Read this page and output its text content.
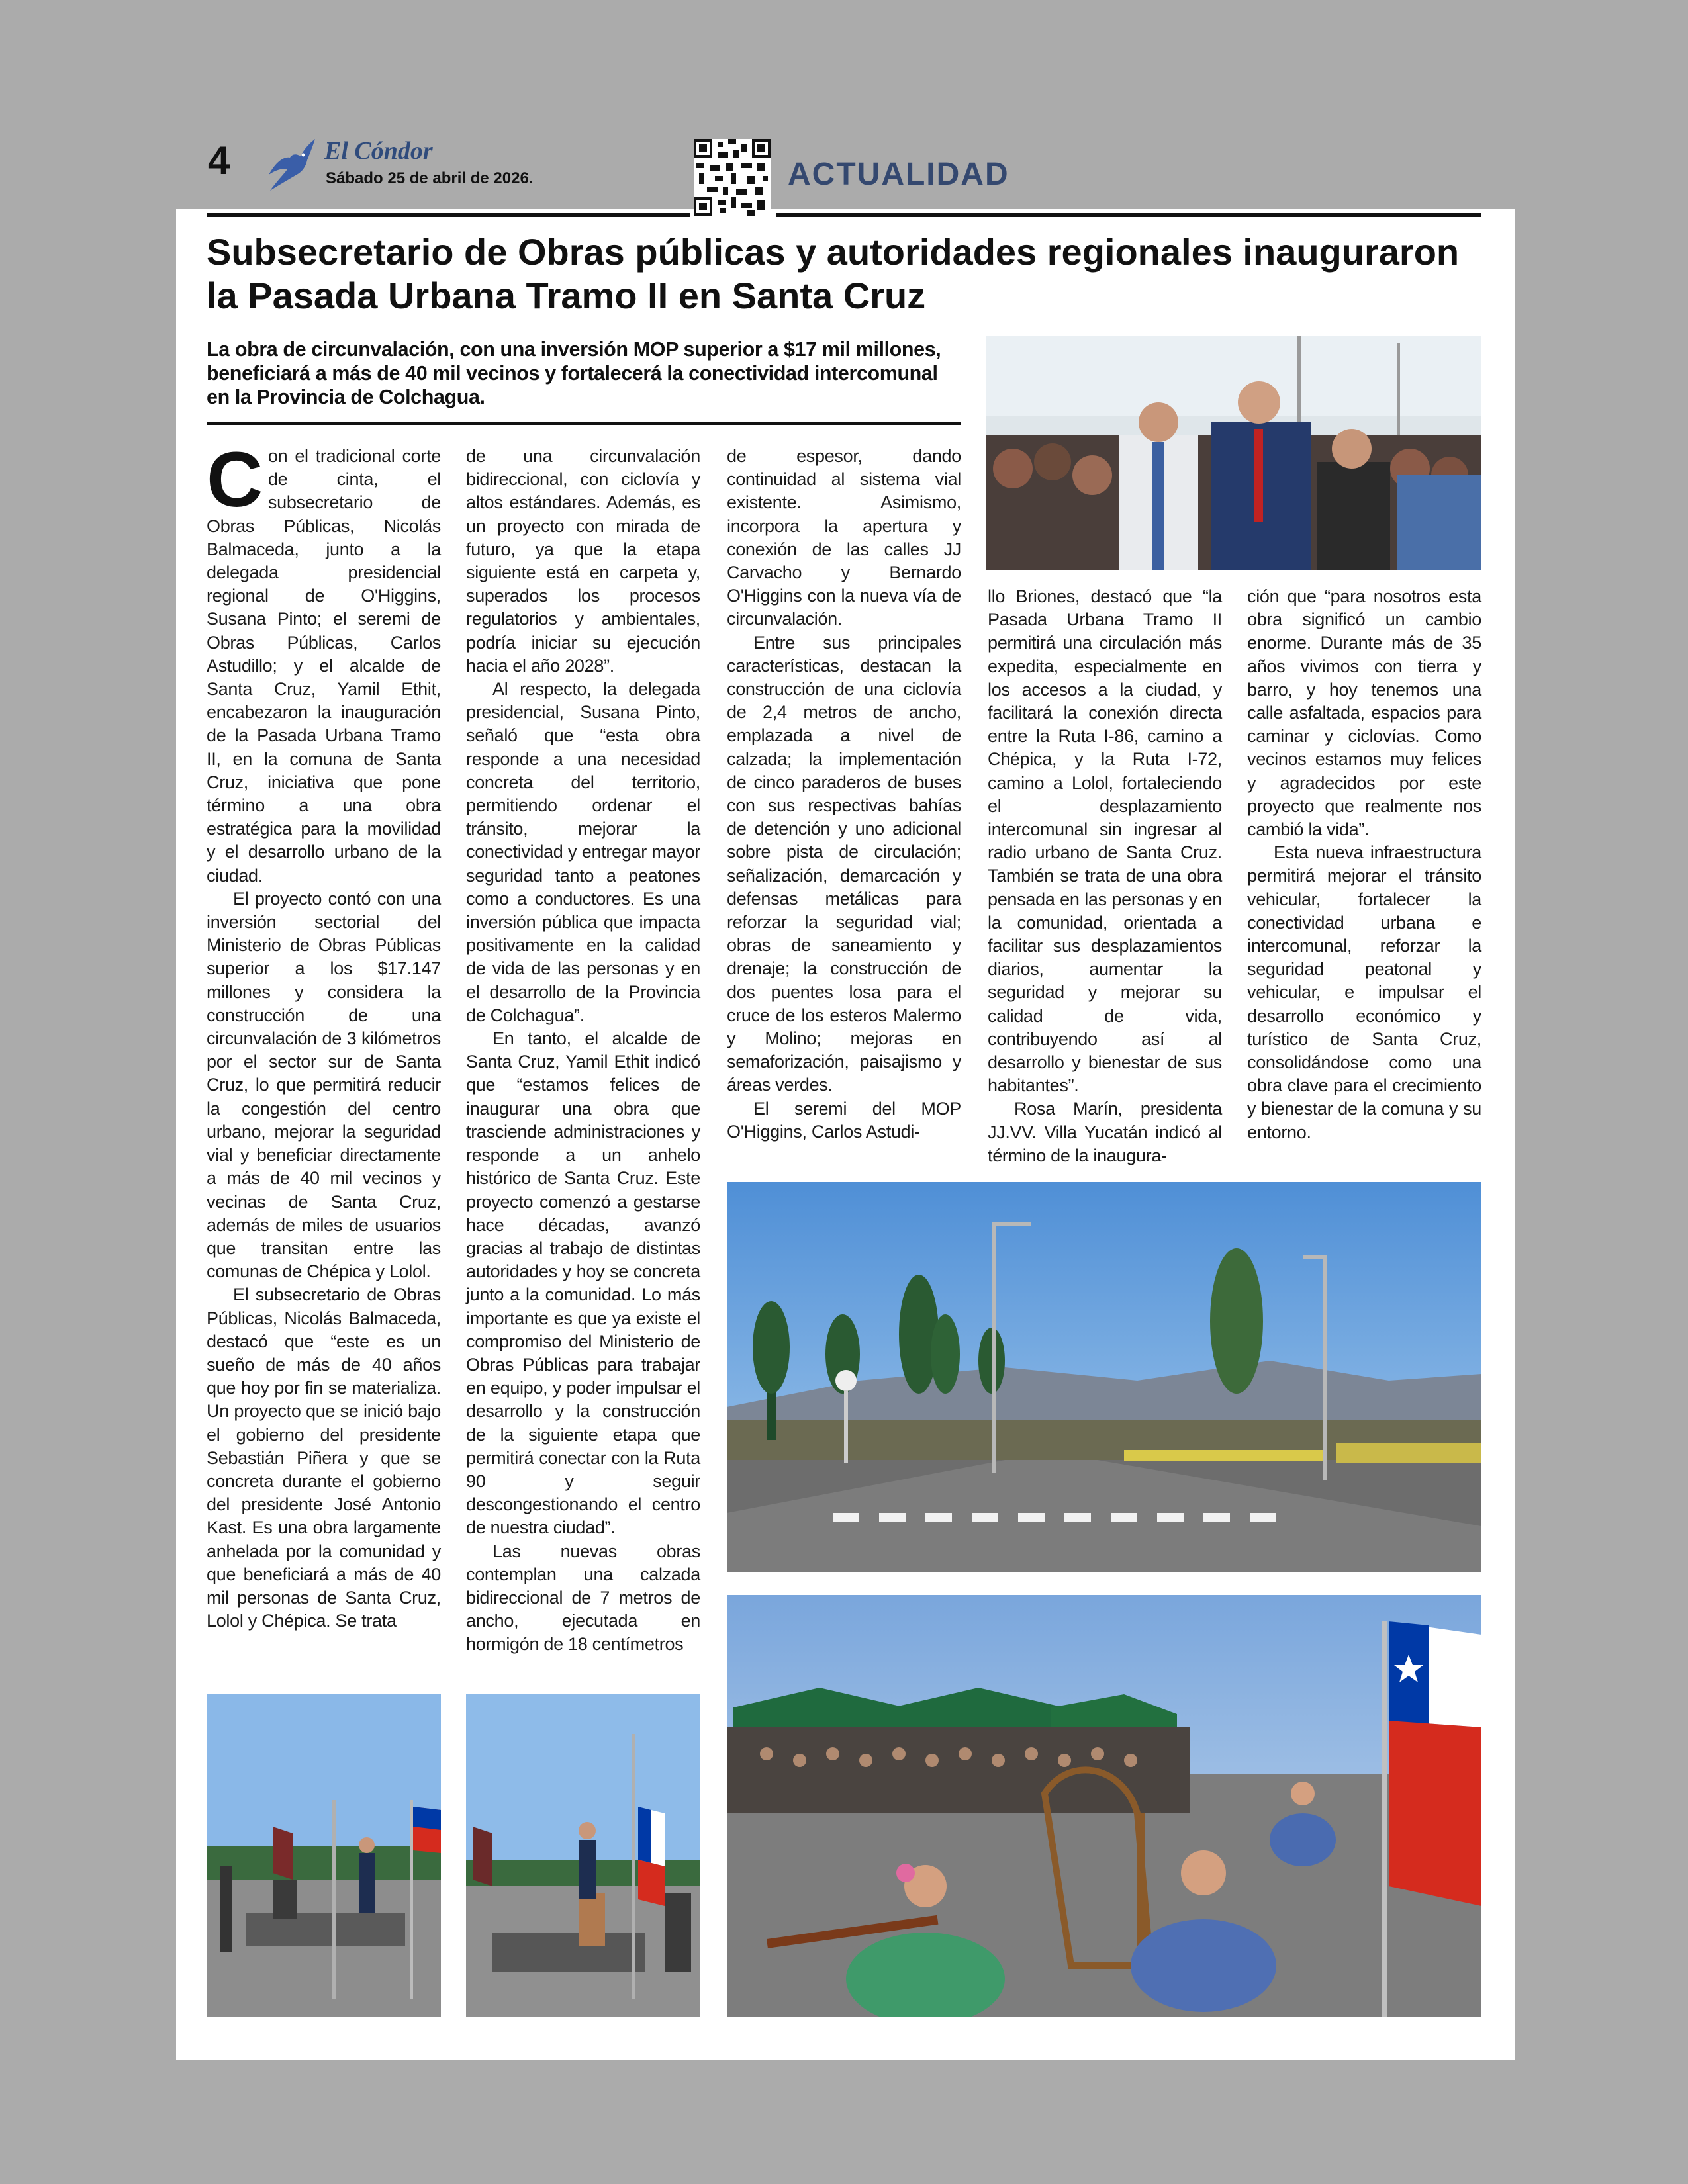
4	El Cóndor
Sábado 25 de abril de 2026.	ACTUALIDAD
Subsecretario de Obras públicas y autoridades regionales inauguraron la Pasada Urbana Tramo II en Santa Cruz

La obra de circunvalación, con una inversión MOP superior a $17 mil millones, beneficiará a más de 40 mil vecinos y fortalecerá la conectividad intercomunal en la Provincia de Colchagua.

Con el tradicional corte de cinta, el subsecretario de Obras Públicas, Nicolás Balmaceda, junto a la delegada presidencial regional de O'Higgins, Susana Pinto; el seremi de Obras Públicas, Carlos Astudillo; y el alcalde de Santa Cruz, Yamil Ethit, encabezaron la inauguración de la Pasada Urbana Tramo II, en la comuna de Santa Cruz, iniciativa que pone término a una obra estratégica para la movilidad y el desarrollo urbano de la ciudad.

El proyecto contó con una inversión sectorial del Ministerio de Obras Públicas superior a los $17.147 millones y considera la construcción de una circunvalación de 3 kilómetros por el sector sur de Santa Cruz, lo que permitirá reducir la congestión del centro urbano, mejorar la seguridad vial y beneficiar directamente a más de 40 mil vecinos y vecinas de Santa Cruz, además de miles de usuarios que transitan entre las comunas de Chépica y Lolol.

El subsecretario de Obras Públicas, Nicolás Balmaceda, destacó que “este es un sueño de más de 40 años que hoy por fin se materializa. Un proyecto que se inició bajo el gobierno del presidente Sebastián Piñera y que se concreta durante el gobierno del presidente José Antonio Kast. Es una obra largamente anhelada por la comunidad y que beneficiará a más de 40 mil personas de Santa Cruz, Lolol y Chépica. Se trata

de una circunvalación bidireccional, con ciclovía y altos estándares. Además, es un proyecto con mirada de futuro, ya que la etapa siguiente está en carpeta y, superados los procesos regulatorios y ambientales, podría iniciar su ejecución hacia el año 2028”.

Al respecto, la delegada presidencial, Susana Pinto, señaló que “esta obra responde a una necesidad concreta del territorio, permitiendo ordenar el tránsito, mejorar la conectividad y entregar mayor seguridad tanto a peatones como a conductores. Es una inversión pública que impacta positivamente en la calidad de vida de las personas y en el desarrollo de la Provincia de Colchagua”.

En tanto, el alcalde de Santa Cruz, Yamil Ethit indicó que “estamos felices de inaugurar una obra que trasciende administraciones y responde a un anhelo histórico de Santa Cruz. Este proyecto comenzó a gestarse hace décadas, avanzó gracias al trabajo de distintas autoridades y hoy se concreta junto a la comunidad. Lo más importante es que ya existe el compromiso del Ministerio de Obras Públicas para trabajar en equipo, y poder impulsar el desarrollo y la construcción de la siguiente etapa que permitirá conectar con la Ruta 90 y seguir descongestionando el centro de nuestra ciudad”.

Las nuevas obras contemplan una calzada bidireccional de 7 metros de ancho, ejecutada en hormigón de 18 centímetros

de espesor, dando continuidad al sistema vial existente. Asimismo, incorpora la apertura y conexión de las calles JJ Carvacho y Bernardo O'Higgins con la nueva vía de circunvalación.

Entre sus principales características, destacan la construcción de una ciclovía de 2,4 metros de ancho, emplazada a nivel de calzada; la implementación de cinco paraderos de buses con sus respectivas bahías de detención y uno adicional sobre pista de circulación; señalización, demarcación y defensas metálicas para reforzar la seguridad vial; obras de saneamiento y drenaje; la construcción de dos puentes losa para el cruce de los esteros Malermo y Molino; mejoras en semaforización, paisajismo y áreas verdes.

El seremi del MOP O'Higgins, Carlos Astudi-

llo Briones, destacó que “la Pasada Urbana Tramo II permitirá una circulación más expedita, especialmente en los accesos a la ciudad, y facilitará la conexión directa entre la Ruta I-86, camino a Chépica, y la Ruta I-72, camino a Lolol, fortaleciendo el desplazamiento intercomunal sin ingresar al radio urbano de Santa Cruz. También se trata de una obra pensada en las personas y en la comunidad, orientada a facilitar sus desplazamientos diarios, aumentar la seguridad y mejorar su calidad de vida, contribuyendo así al desarrollo y bienestar de sus habitantes”.

Rosa Marín, presidenta JJ.VV. Villa Yucatán indicó al término de la inaugura-

ción que “para nosotros esta obra significó un cambio enorme. Durante más de 35 años vivimos con tierra y barro, y hoy tenemos una calle asfaltada, espacios para caminar y ciclovías. Como vecinos estamos muy felices y agradecidos por este proyecto que realmente nos cambió la vida”.

Esta nueva infraestructura permitirá mejorar el tránsito vehicular, fortalecer la conectividad urbana e intercomunal, reforzar la seguridad peatonal y vehicular, e impulsar el desarrollo económico y turístico de Santa Cruz, consolidándose como una obra clave para el crecimiento y bienestar de la comuna y su entorno.
